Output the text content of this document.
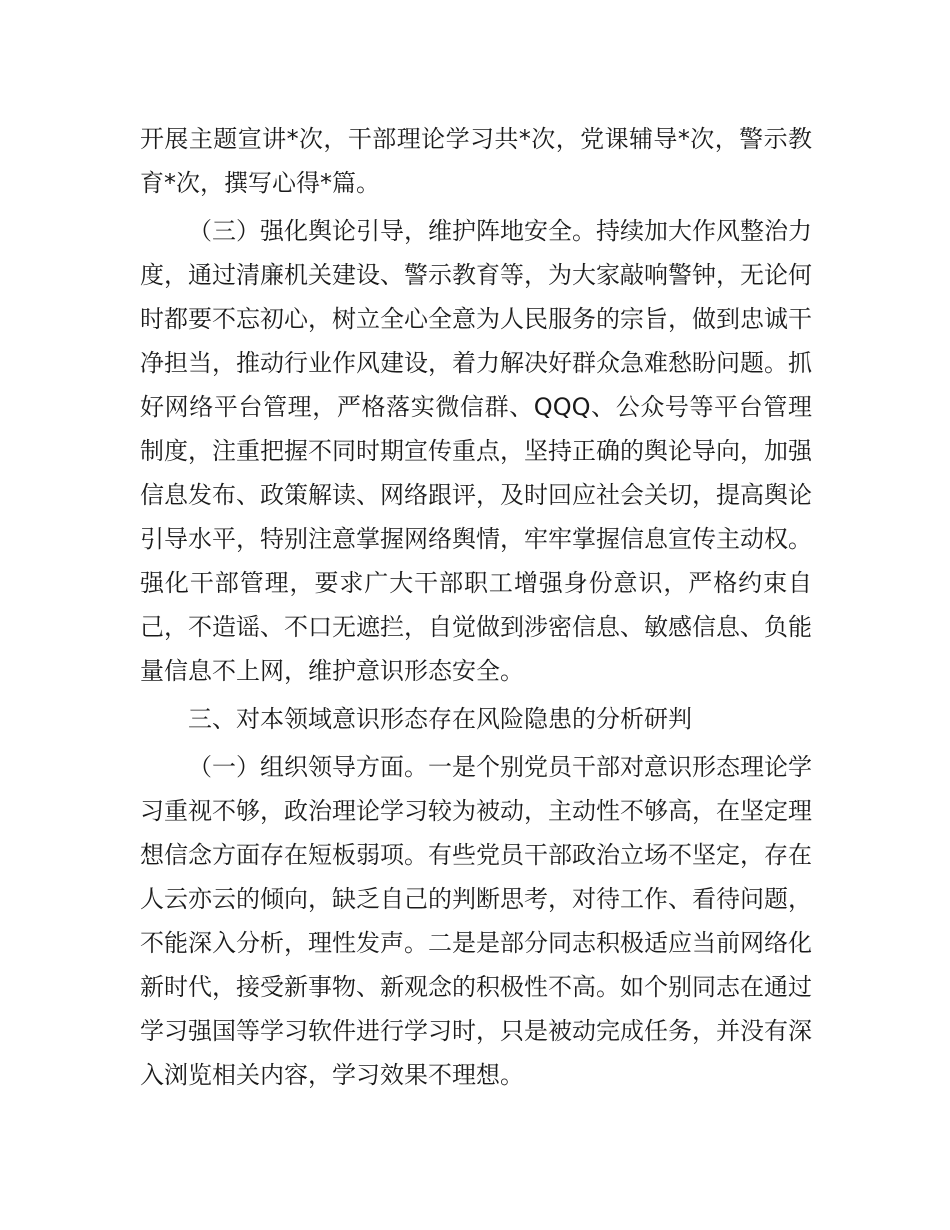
开展主题宣讲*次，干部理论学习共*次，党课辅导*次，警示教育*次，撰写心得*篇。

（三）强化舆论引导，维护阵地安全。持续加大作风整治力度，通过清廉机关建设、警示教育等，为大家敲响警钟，无论何时都要不忘初心，树立全心全意为人民服务的宗旨，做到忠诚干净担当，推动行业作风建设，着力解决好群众急难愁盼问题。抓好网络平台管理，严格落实微信群、QQQ、公众号等平台管理制度，注重把握不同时期宣传重点，坚持正确的舆论导向，加强信息发布、政策解读、网络跟评，及时回应社会关切，提高舆论引导水平，特别注意掌握网络舆情，牢牢掌握信息宣传主动权。强化干部管理，要求广大干部职工增强身份意识，严格约束自己，不造谣、不口无遮拦，自觉做到涉密信息、敏感信息、负能量信息不上网，维护意识形态安全。

三、对本领域意识形态存在风险隐患的分析研判

（一）组织领导方面。一是个别党员干部对意识形态理论学习重视不够，政治理论学习较为被动，主动性不够高，在坚定理想信念方面存在短板弱项。有些党员干部政治立场不坚定，存在人云亦云的倾向，缺乏自己的判断思考，对待工作、看待问题，不能深入分析，理性发声。二是是部分同志积极适应当前网络化新时代，接受新事物、新观念的积极性不高。如个别同志在通过学习强国等学习软件进行学习时，只是被动完成任务，并没有深入浏览相关内容，学习效果不理想。
